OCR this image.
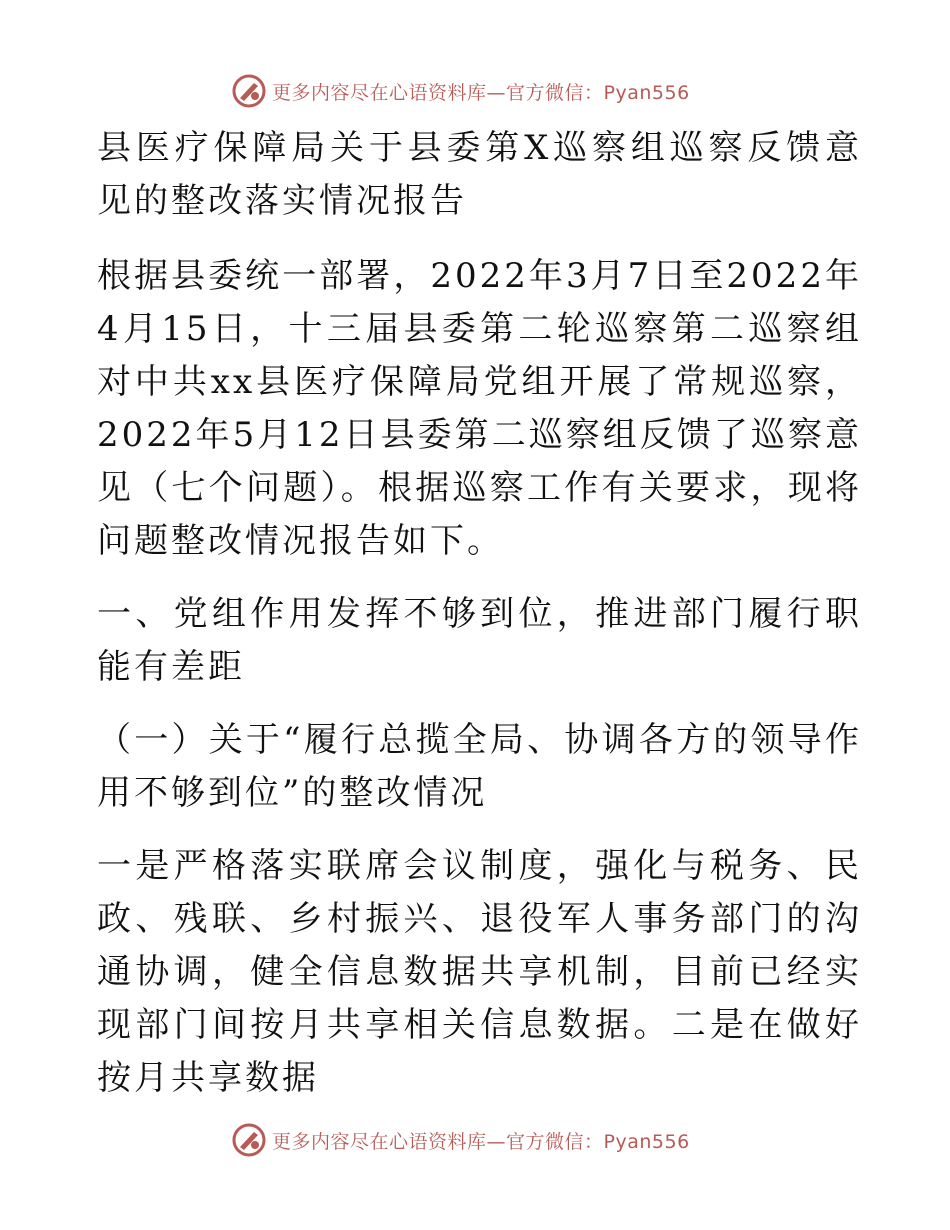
更多内容尽在心语资料库—官方微信：Pyan556

县医疗保障局关于县委第X巡察组巡察反馈意见的整改落实情况报告

根据县委统一部署，2022年3月7日至2022年4月15日，十三届县委第二轮巡察第二巡察组对中共xx县医疗保障局党组开展了常规巡察，2022年5月12日县委第二巡察组反馈了巡察意见（七个问题）。根据巡察工作有关要求，现将问题整改情况报告如下。

一、党组作用发挥不够到位，推进部门履行职能有差距

（一）关于“履行总揽全局、协调各方的领导作用不够到位”的整改情况

一是严格落实联席会议制度，强化与税务、民政、残联、乡村振兴、退役军人事务部门的沟通协调，健全信息数据共享机制，目前已经实现部门间按月共享相关信息数据。二是在做好按月共享数据

更多内容尽在心语资料库—官方微信：Pyan556
